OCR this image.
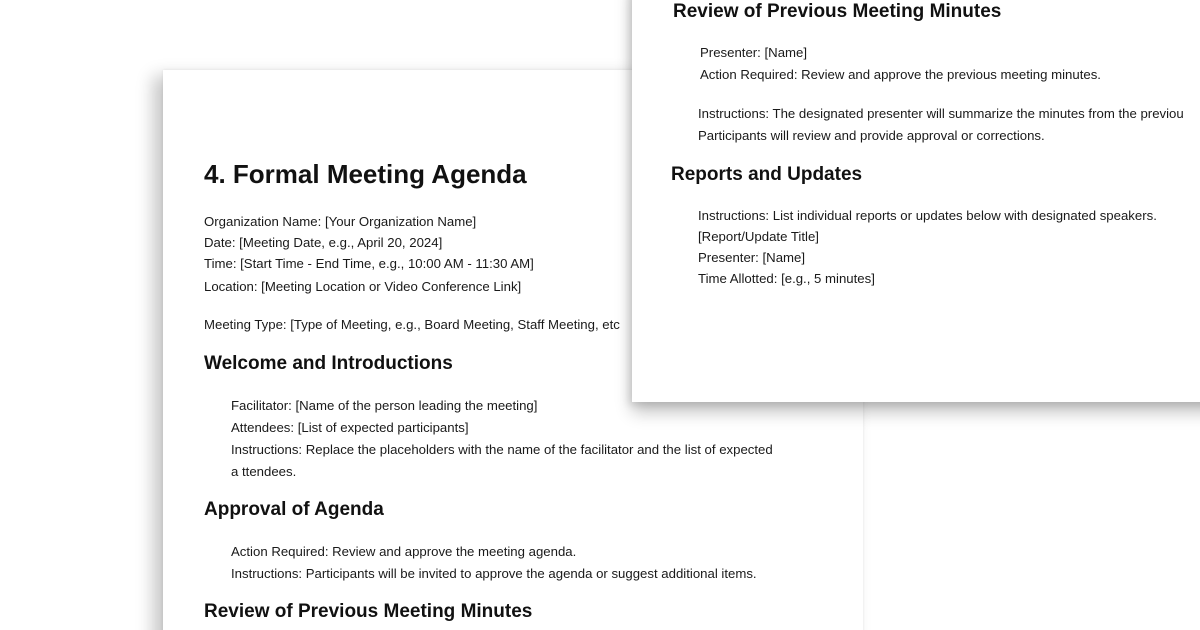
4. Formal Meeting Agenda
Organization Name: [Your Organization Name]
Date: [Meeting Date, e.g., April 20, 2024]
Time: [Start Time - End Time, e.g., 10:00 AM - 11:30 AM]
Location: [Meeting Location or Video Conference Link]
Meeting Type: [Type of Meeting, e.g., Board Meeting, Staff Meeting, etc
Welcome and Introductions
Facilitator: [Name of the person leading the meeting]
Attendees: [List of expected participants]
Instructions: Replace the placeholders with the name of the facilitator and the list of expected
a ttendees.
Approval of Agenda
Action Required: Review and approve the meeting agenda.
Instructions: Participants will be invited to approve the agenda or suggest additional items.
Review of Previous Meeting Minutes
Review of Previous Meeting Minutes
Presenter: [Name]
Action Required: Review and approve the previous meeting minutes.
Instructions: The designated presenter will summarize the minutes from the previou
Participants will review and provide approval or corrections.
Reports and Updates
Instructions: List individual reports or updates below with designated speakers.
[Report/Update Title]
Presenter: [Name]
Time Allotted: [e.g., 5 minutes]
